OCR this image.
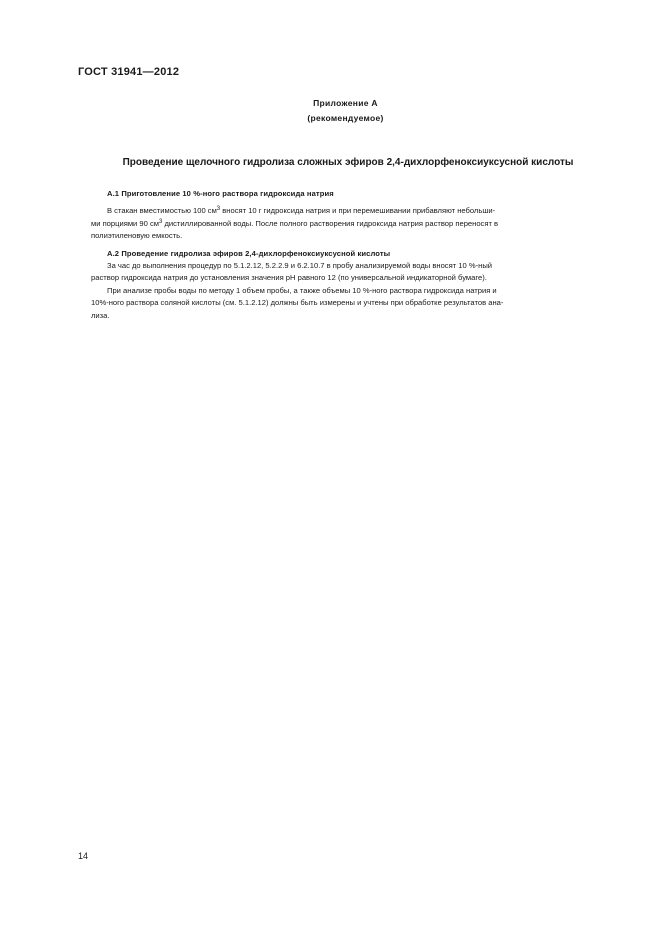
ГОСТ 31941—2012
Приложение А
(рекомендуемое)
Проведение щелочного гидролиза сложных эфиров 2,4-дихлорфеноксиуксусной кислоты
А.1 Приготовление 10 %-ного раствора гидроксида натрия
В стакан вместимостью 100 $см^3$ вносят 10 г гидроксида натрия и при перемешивании прибавляют небольши-
ми порциями 90 $см^3$ дистиллированной воды. После полного растворения гидроксида натрия раствор переносят в
полиэтиленовую емкость.
А.2 Проведение гидролиза эфиров 2,4-дихлорфеноксиуксусной кислоты
За час до выполнения процедур по 5.1.2.12, 5.2.2.9 и 6.2.10.7 в пробу анализируемой воды вносят 10 %-ный
раствор гидроксида натрия до установления значения pH равного 12 (по универсальной индикаторной бумаге).
При анализе пробы воды по методу 1 объем пробы, а также объемы 10 %-ного раствора гидроксида натрия и
10%-ного раствора соляной кислоты (см. 5.1.2.12) должны быть измерены и учтены при обработке результатов ана-
лиза.
14
